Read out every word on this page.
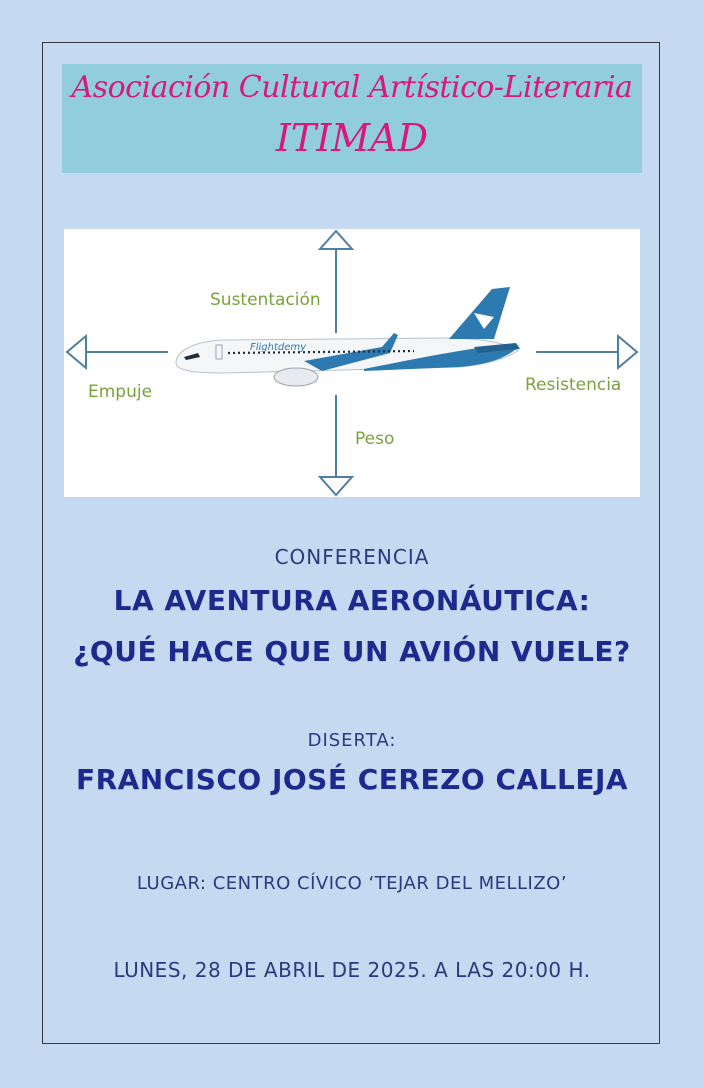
Asociación Cultural Artístico-Literaria
ITIMAD
Flightdemy
Sustentación
Empuje	Resistencia
Peso
CONFERENCIA
LA AVENTURA AERONÁUTICA:
¿QUÉ HACE QUE UN AVIÓN VUELE?
DISERTA:
FRANCISCO JOSÉ CEREZO CALLEJA
LUGAR: CENTRO CÍVICO ‘TEJAR DEL MELLIZO’
LUNES, 28 DE ABRIL DE 2025. A LAS 20:00 H.
